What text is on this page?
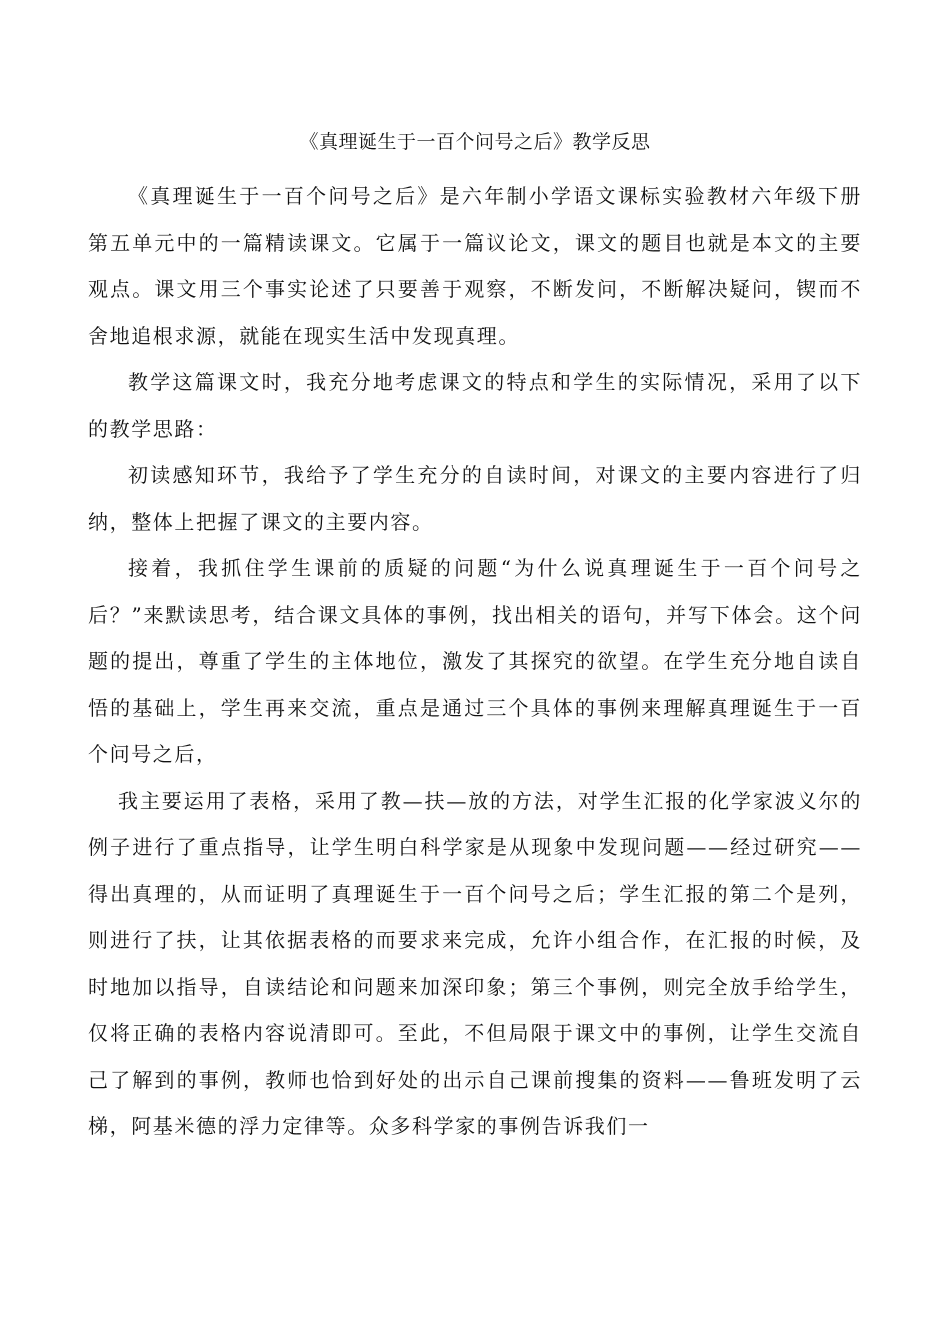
《真理诞生于一百个问号之后》教学反思

《真理诞生于一百个问号之后》是六年制小学语文课标实验教材六年级下册第五单元中的一篇精读课文。它属于一篇议论文，课文的题目也就是本文的主要观点。课文用三个事实论述了只要善于观察，不断发问，不断解决疑问，锲而不舍地追根求源，就能在现实生活中发现真理。

教学这篇课文时，我充分地考虑课文的特点和学生的实际情况，采用了以下的教学思路：

初读感知环节，我给予了学生充分的自读时间，对课文的主要内容进行了归纳，整体上把握了课文的主要内容。

接着，我抓住学生课前的质疑的问题“为什么说真理诞生于一百个问号之后？”来默读思考，结合课文具体的事例，找出相关的语句，并写下体会。这个问题的提出，尊重了学生的主体地位，激发了其探究的欲望。在学生充分地自读自悟的基础上，学生再来交流，重点是通过三个具体的事例来理解真理诞生于一百个问号之后，

我主要运用了表格，采用了教—扶—放的方法，对学生汇报的化学家波义尔的例子进行了重点指导，让学生明白科学家是从现象中发现问题——经过研究——得出真理的，从而证明了真理诞生于一百个问号之后；学生汇报的第二个是列，则进行了扶，让其依据表格的而要求来完成，允许小组合作，在汇报的时候，及时地加以指导，自读结论和问题来加深印象；第三个事例，则完全放手给学生，仅将正确的表格内容说清即可。至此，不但局限于课文中的事例，让学生交流自己了解到的事例，教师也恰到好处的出示自己课前搜集的资料——鲁班发明了云梯，阿基米德的浮力定律等。众多科学家的事例告诉我们一
